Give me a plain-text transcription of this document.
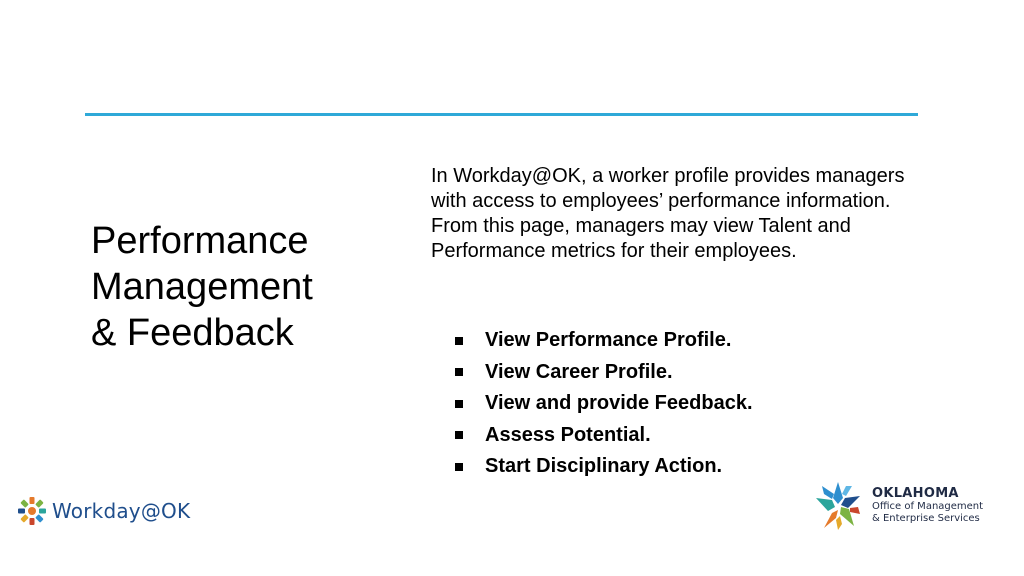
Performance
Management
& Feedback

In Workday@OK, a worker profile provides managers with access to employees’ performance information. From this page, managers may view Talent and Performance metrics for their employees.

View Performance Profile.
View Career Profile.
View and provide Feedback.
Assess Potential.
Start Disciplinary Action.
Workday@OK
OKLAHOMA
Office of Management
& Enterprise Services
